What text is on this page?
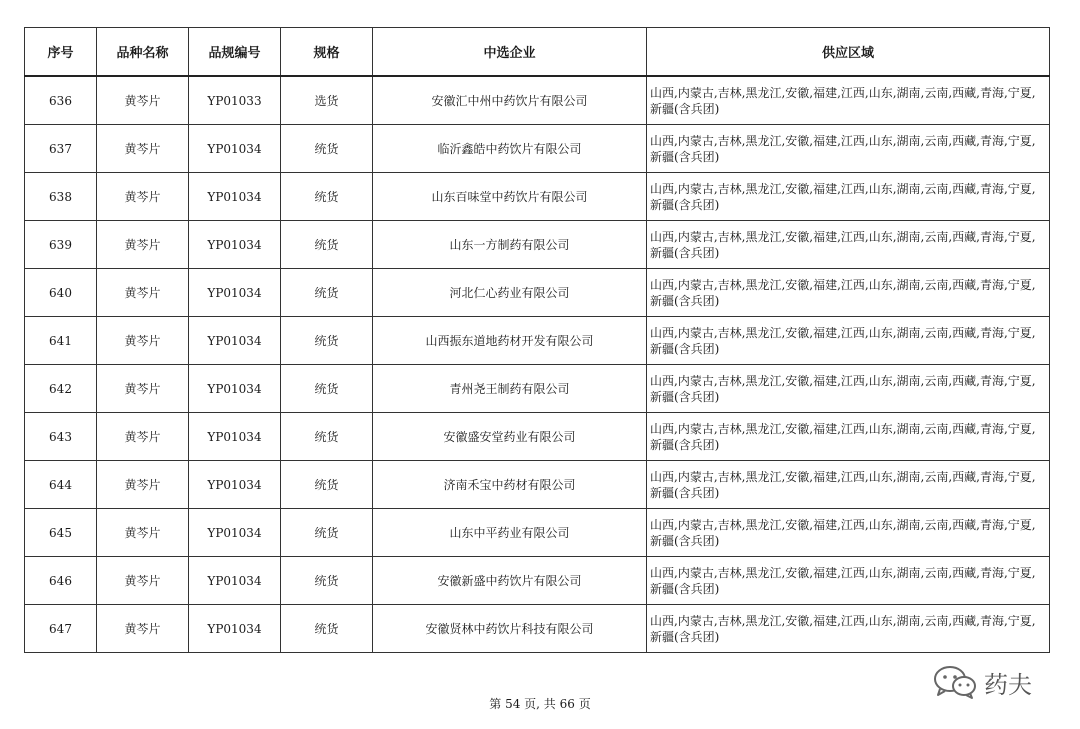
序号	品种名称	品规编号	规格	中选企业	供应区域
636	黄芩片	YP01033	选货	安徽汇中州中药饮片有限公司	山西,内蒙古,吉林,黑龙江,安徽,福建,江西,山东,湖南,云南,西藏,青海,宁夏,新疆(含兵团)
637	黄芩片	YP01034	统货	临沂鑫皓中药饮片有限公司	山西,内蒙古,吉林,黑龙江,安徽,福建,江西,山东,湖南,云南,西藏,青海,宁夏,新疆(含兵团)
638	黄芩片	YP01034	统货	山东百味堂中药饮片有限公司	山西,内蒙古,吉林,黑龙江,安徽,福建,江西,山东,湖南,云南,西藏,青海,宁夏,新疆(含兵团)
639	黄芩片	YP01034	统货	山东一方制药有限公司	山西,内蒙古,吉林,黑龙江,安徽,福建,江西,山东,湖南,云南,西藏,青海,宁夏,新疆(含兵团)
640	黄芩片	YP01034	统货	河北仁心药业有限公司	山西,内蒙古,吉林,黑龙江,安徽,福建,江西,山东,湖南,云南,西藏,青海,宁夏,新疆(含兵团)
641	黄芩片	YP01034	统货	山西振东道地药材开发有限公司	山西,内蒙古,吉林,黑龙江,安徽,福建,江西,山东,湖南,云南,西藏,青海,宁夏,新疆(含兵团)
642	黄芩片	YP01034	统货	青州尧王制药有限公司	山西,内蒙古,吉林,黑龙江,安徽,福建,江西,山东,湖南,云南,西藏,青海,宁夏,新疆(含兵团)
643	黄芩片	YP01034	统货	安徽盛安堂药业有限公司	山西,内蒙古,吉林,黑龙江,安徽,福建,江西,山东,湖南,云南,西藏,青海,宁夏,新疆(含兵团)
644	黄芩片	YP01034	统货	济南禾宝中药材有限公司	山西,内蒙古,吉林,黑龙江,安徽,福建,江西,山东,湖南,云南,西藏,青海,宁夏,新疆(含兵团)
645	黄芩片	YP01034	统货	山东中平药业有限公司	山西,内蒙古,吉林,黑龙江,安徽,福建,江西,山东,湖南,云南,西藏,青海,宁夏,新疆(含兵团)
646	黄芩片	YP01034	统货	安徽新盛中药饮片有限公司	山西,内蒙古,吉林,黑龙江,安徽,福建,江西,山东,湖南,云南,西藏,青海,宁夏,新疆(含兵团)
647	黄芩片	YP01034	统货	安徽贤林中药饮片科技有限公司	山西,内蒙古,吉林,黑龙江,安徽,福建,江西,山东,湖南,云南,西藏,青海,宁夏,新疆(含兵团)
第 54 页, 共 66 页
药夫
